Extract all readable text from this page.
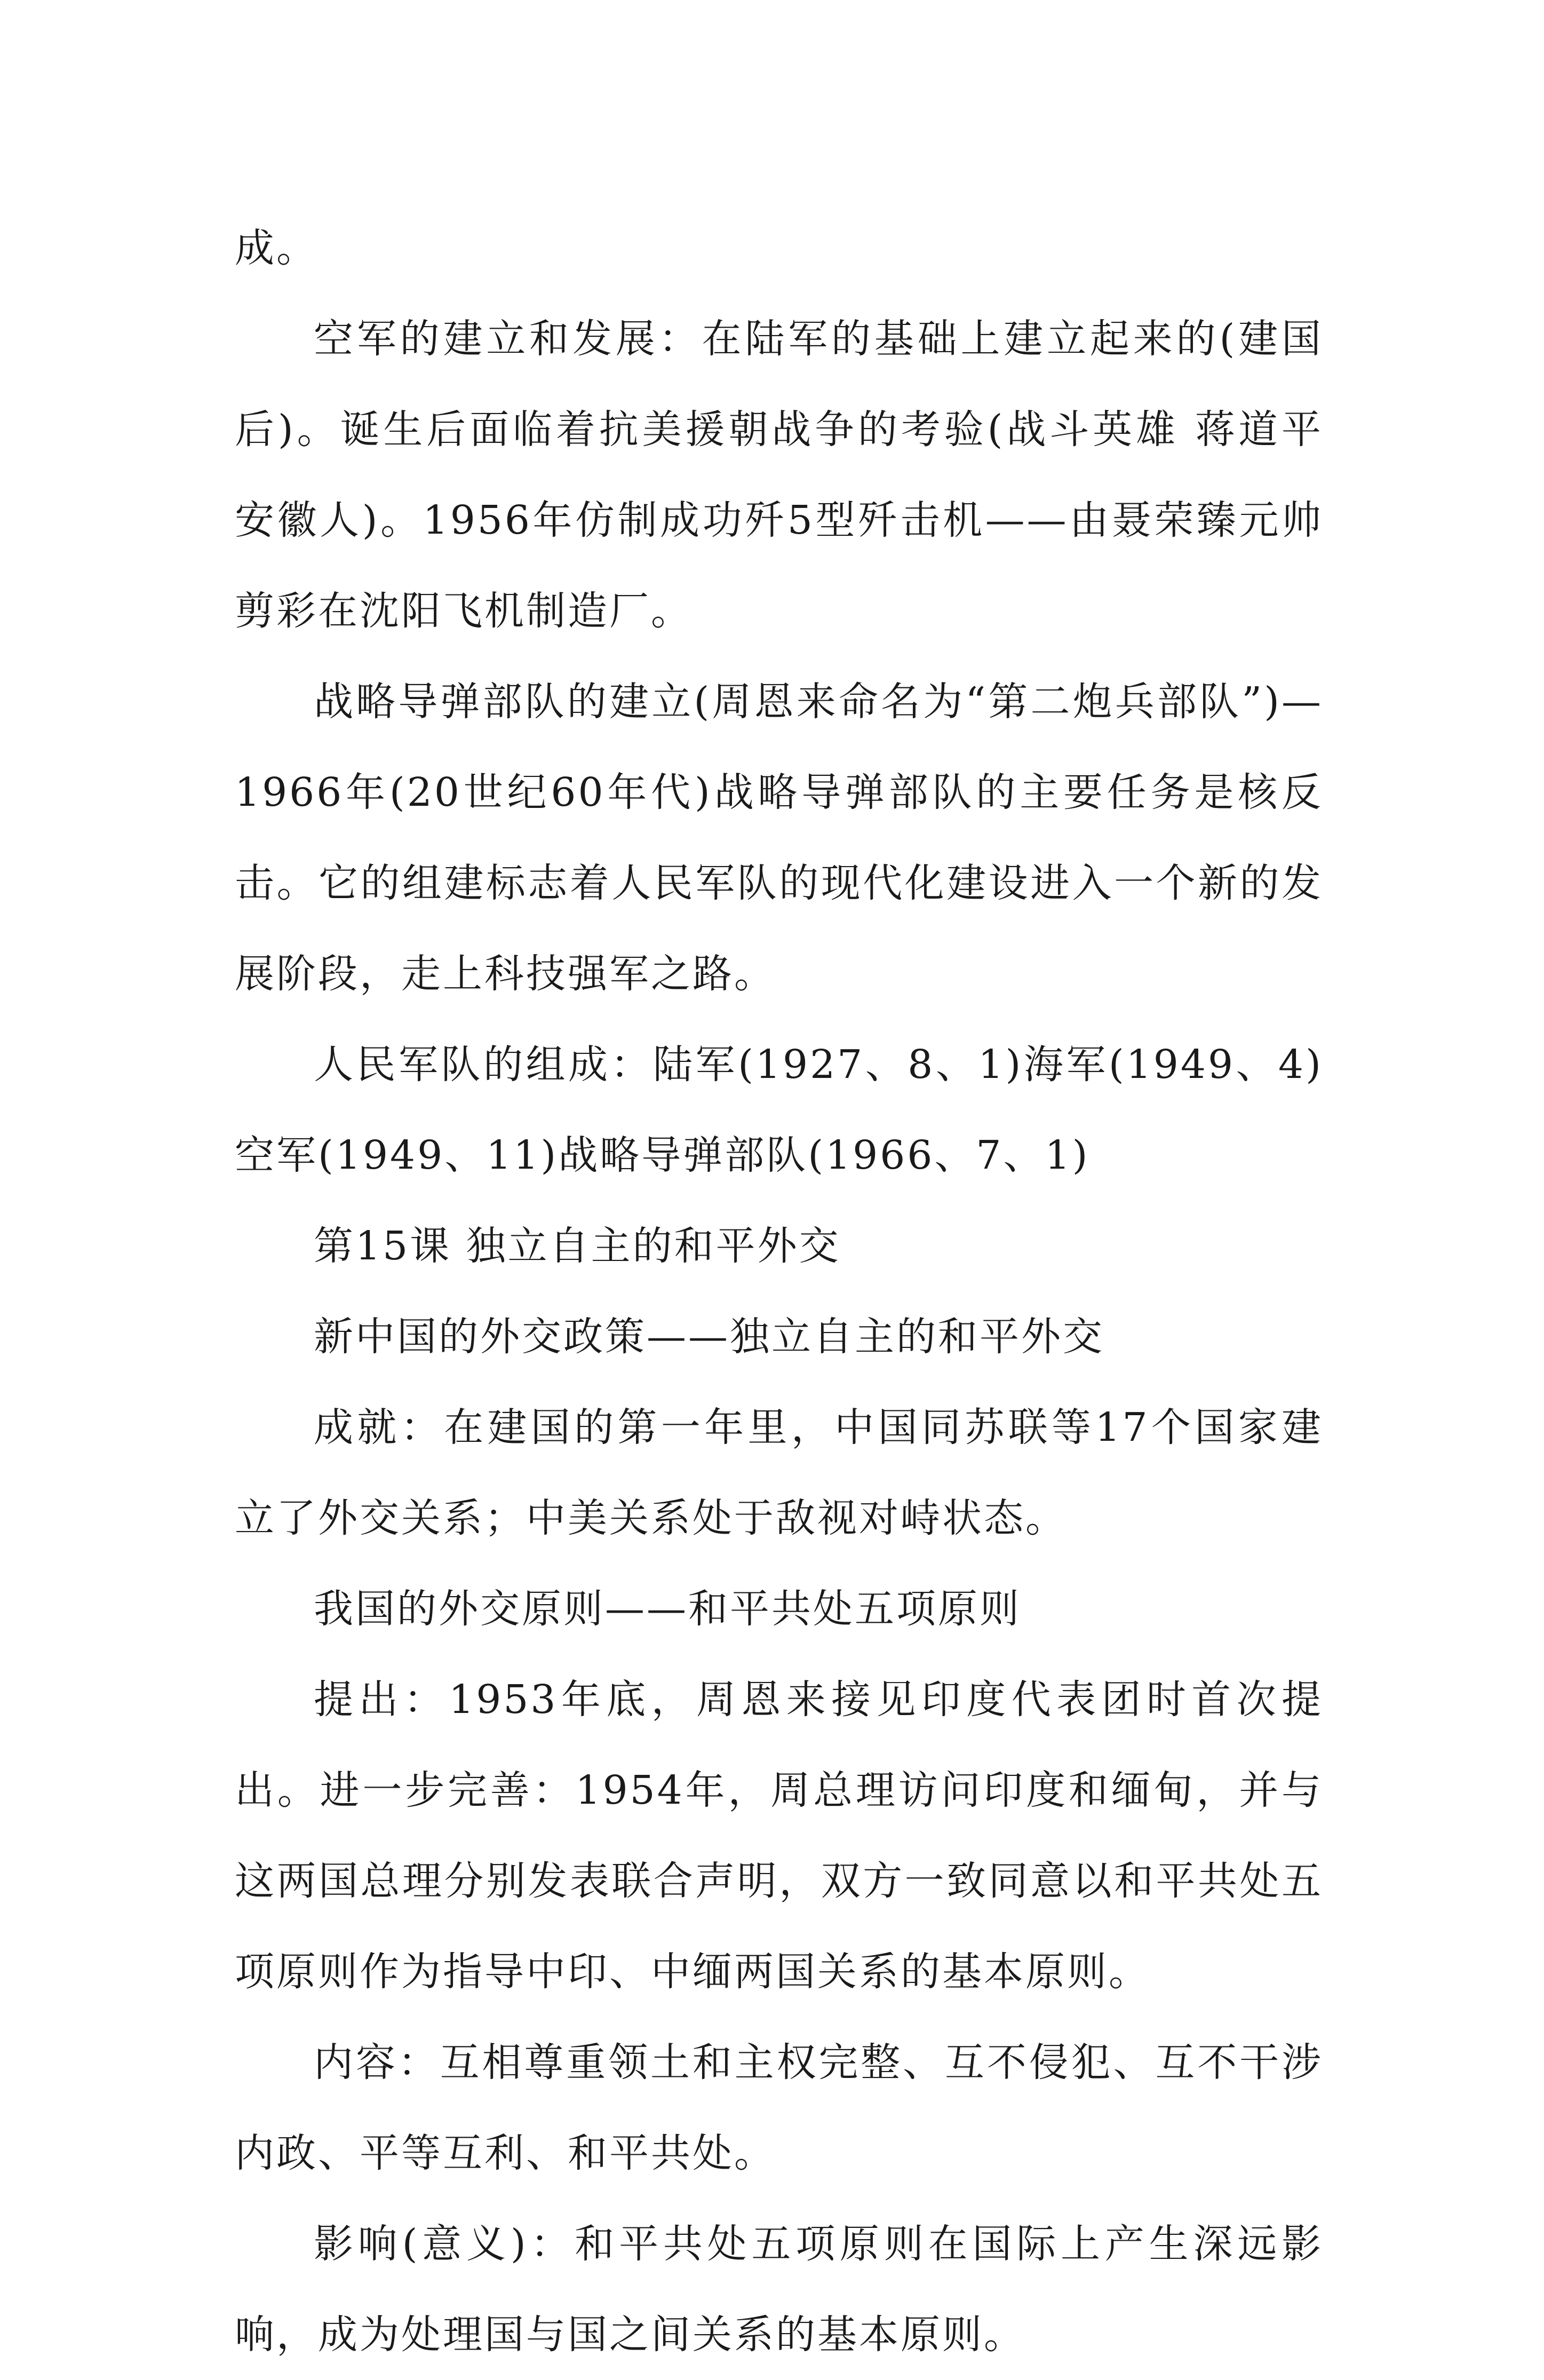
成。

空军的建立和发展：在陆军的基础上建立起来的(建国后)。诞生后面临着抗美援朝战争的考验(战斗英雄 蒋道平 安徽人)。1956年仿制成功歼5型歼击机——由聂荣臻元帅剪彩在沈阳飞机制造厂。

战略导弹部队的建立(周恩来命名为“第二炮兵部队”)— 1966年(20世纪60年代)战略导弹部队的主要任务是核反击。它的组建标志着人民军队的现代化建设进入一个新的发展阶段，走上科技强军之路。

人民军队的组成：陆军(1927、8、1)海军(1949、4)空军(1949、11)战略导弹部队(1966、7、1)

第15课 独立自主的和平外交

新中国的外交政策——独立自主的和平外交

成就：在建国的第一年里，中国同苏联等17个国家建立了外交关系；中美关系处于敌视对峙状态。

我国的外交原则——和平共处五项原则

提出：1953年底，周恩来接见印度代表团时首次提出。进一步完善：1954年，周总理访问印度和缅甸，并与这两国总理分别发表联合声明，双方一致同意以和平共处五项原则作为指导中印、中缅两国关系的基本原则。

内容：互相尊重领土和主权完整、互不侵犯、互不干涉内政、平等互利、和平共处。

影响(意义)：和平共处五项原则在国际上产生深远影响，成为处理国与国之间关系的基本原则。
